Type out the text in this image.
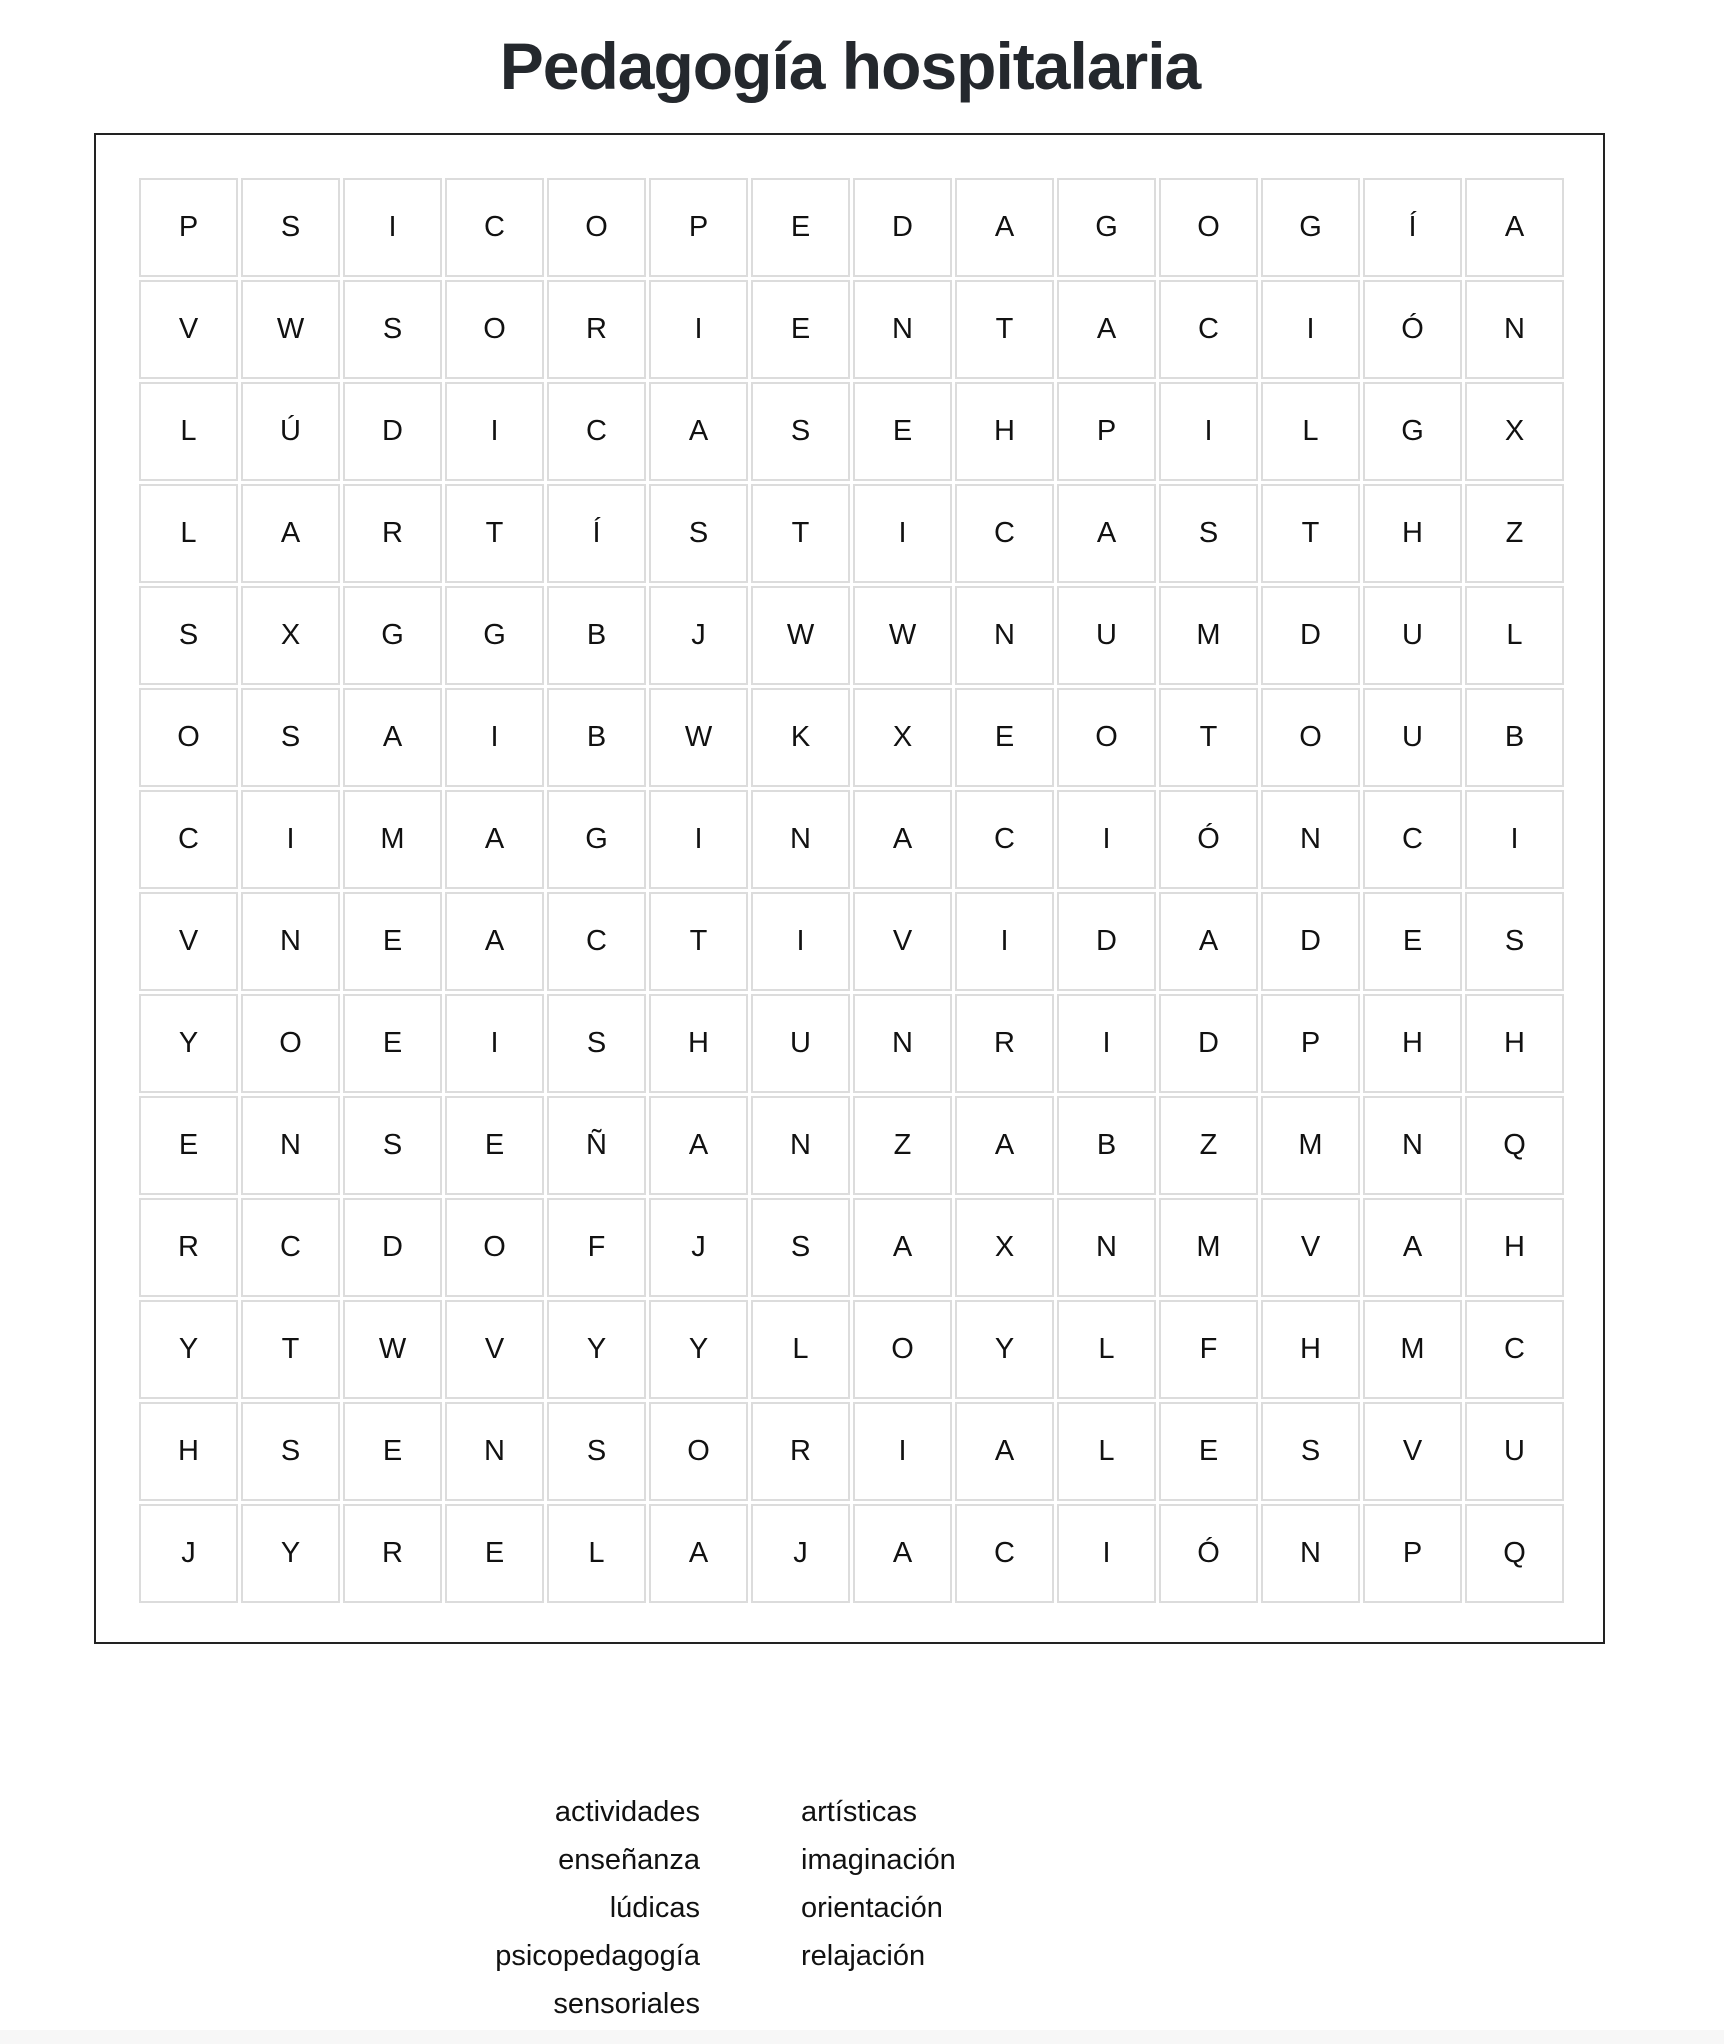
Pedagogía hospitalaria
P	S	I	C	O	P	E	D	A	G	O	G	Í	A
V	W	S	O	R	I	E	N	T	A	C	I	Ó	N
L	Ú	D	I	C	A	S	E	H	P	I	L	G	X
L	A	R	T	Í	S	T	I	C	A	S	T	H	Z
S	X	G	G	B	J	W	W	N	U	M	D	U	L
O	S	A	I	B	W	K	X	E	O	T	O	U	B
C	I	M	A	G	I	N	A	C	I	Ó	N	C	I
V	N	E	A	C	T	I	V	I	D	A	D	E	S
Y	O	E	I	S	H	U	N	R	I	D	P	H	H
E	N	S	E	Ñ	A	N	Z	A	B	Z	M	N	Q
R	C	D	O	F	J	S	A	X	N	M	V	A	H
Y	T	W	V	Y	Y	L	O	Y	L	F	H	M	C
H	S	E	N	S	O	R	I	A	L	E	S	V	U
J	Y	R	E	L	A	J	A	C	I	Ó	N	P	Q
actividades
enseñanza
lúdicas
psicopedagogía
sensoriales
artísticas
imaginación
orientación
relajación
